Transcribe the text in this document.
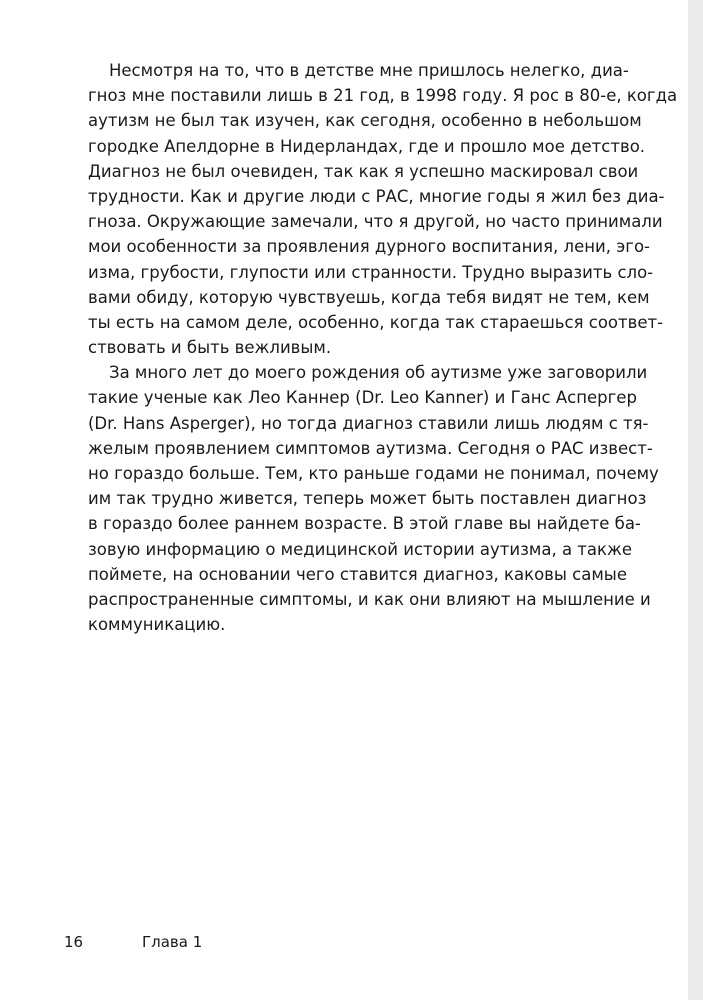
Несмотря на то, что в детстве мне пришлось нелегко, диа-
гноз мне поставили лишь в 21 год, в 1998 году. Я рос в 80-е, когда
аутизм не был так изучен, как сегодня, особенно в небольшом
городке Апелдорне в Нидерландах, где и прошло мое детство.
Диагноз не был очевиден, так как я успешно маскировал свои
трудности. Как и другие люди с РАС, многие годы я жил без диа-
гноза. Окружающие замечали, что я другой, но часто принимали
мои особенности за проявления дурного воспитания, лени, эго-
изма, грубости, глупости или странности. Трудно выразить сло-
вами обиду, которую чувствуешь, когда тебя видят не тем, кем
ты есть на самом деле, особенно, когда так стараешься соответ-
ствовать и быть вежливым.
За много лет до моего рождения об аутизме уже заговорили
такие ученые как Лео Каннер (Dr. Leo Kanner) и Ганс Аспергер
(Dr. Hans Asperger), но тогда диагноз ставили лишь людям с тя-
желым проявлением симптомов аутизма. Сегодня о РАС извест-
но гораздо больше. Тем, кто раньше годами не понимал, почему
им так трудно живется, теперь может быть поставлен диагноз
в гораздо более раннем возрасте. В этой главе вы найдете ба-
зовую информацию о медицинской истории аутизма, а также
поймете, на основании чего ставится диагноз, каковы самые
распространенные симптомы, и как они влияют на мышление и
коммуникацию.
16	Глава 1
